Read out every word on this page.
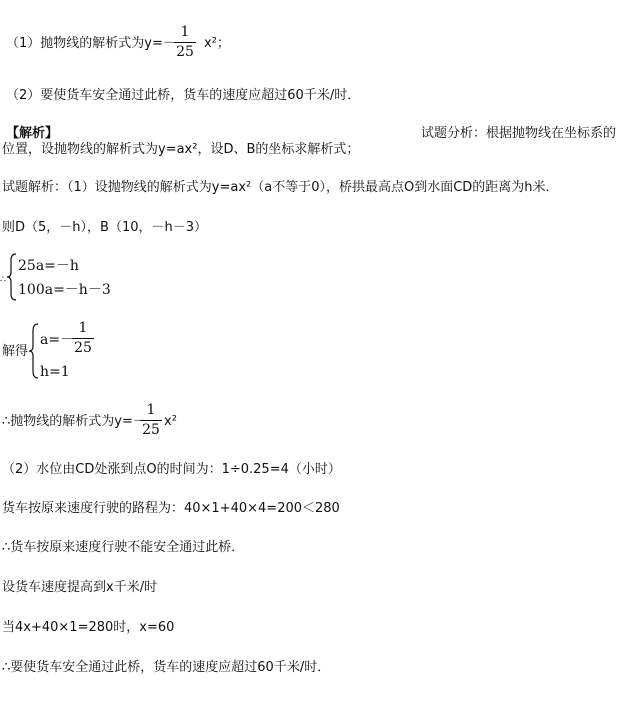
（1）抛物线的解析式为y=－
1
25
x²；
（2）要使货车安全通过此桥，货车的速度应超过60千米/时．
【解析】	试题分析：根据抛物线在坐标系的
位置，设抛物线的解析式为y=ax²，设D、B的坐标求解析式；
试题解析：（1）设抛物线的解析式为y=ax²（a不等于0），桥拱最高点O到水面CD的距离为h米．
则D（5，－h），B（10，－h－3）
∴
25a=－h
100a=－h－3
解得
a=－
1
25
h=1
∴抛物线的解析式为y=－
1
25
x²
（2）水位由CD处涨到点O的时间为：1÷0.25=4（小时）
货车按原来速度行驶的路程为：40×1+40×4=200＜280
∴货车按原来速度行驶不能安全通过此桥．
设货车速度提高到x千米/时
当4x+40×1=280时，x=60
∴要使货车安全通过此桥，货车的速度应超过60千米/时．
